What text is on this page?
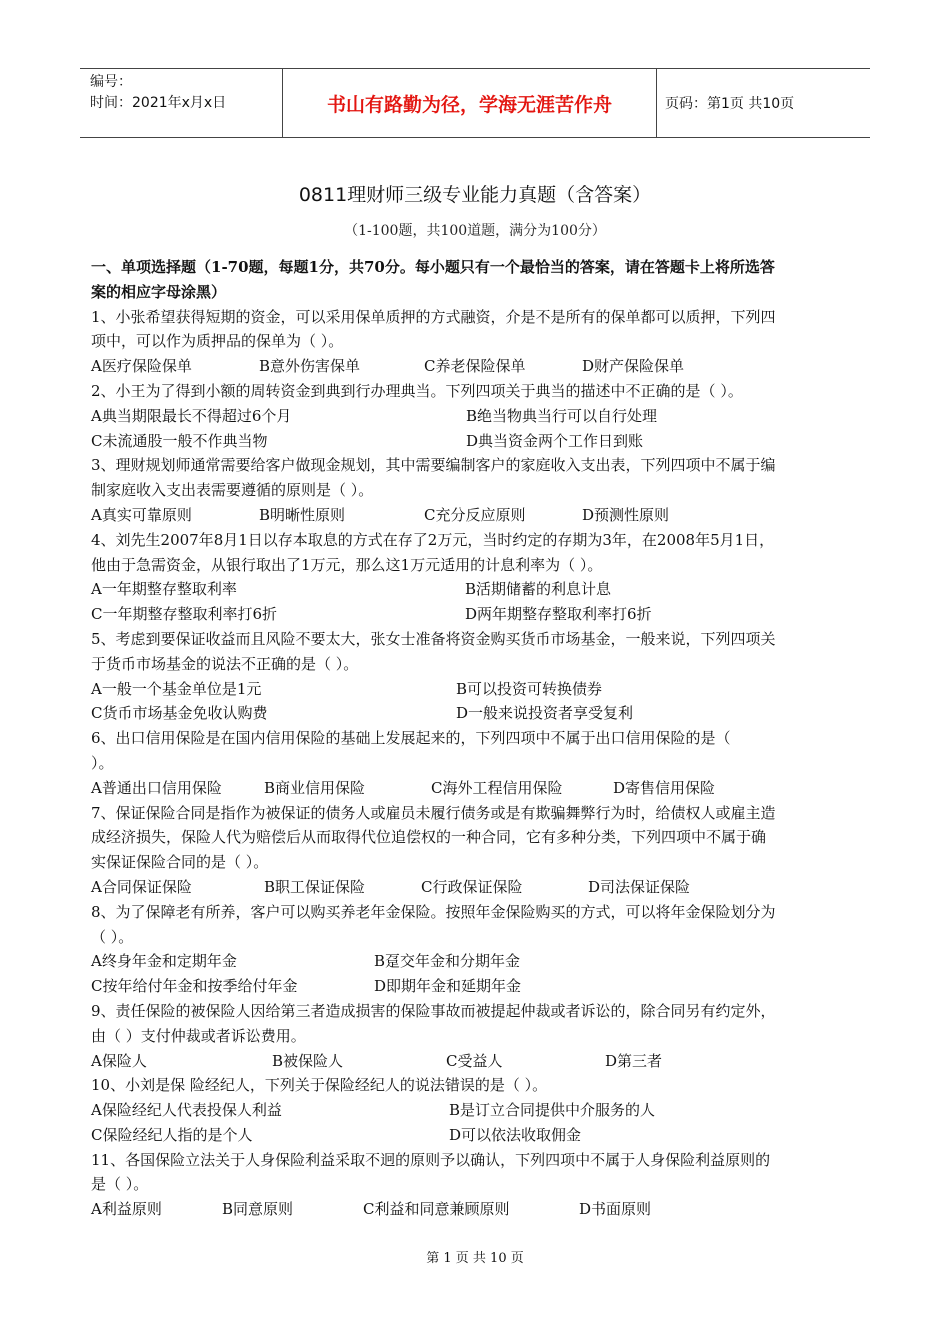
编号：
时间：2021年x月x日	书山有路勤为径，学海无涯苦作舟	页码：第1页 共10页
0811理财师三级专业能力真题（含答案）
（1-100题，共100道题，满分为100分）
一、单项选择题（1-70题，每题1分，共70分。每小题只有一个最恰当的答案，请在答题卡上将所选答
案的相应字母涂黑）
1、小张希望获得短期的资金，可以采用保单质押的方式融资，介是不是所有的保单都可以质押，下列四
项中，可以作为质押品的保单为（ ）。
A医疗保险保单	B意外伤害保单	C养老保险保单	D财产保险保单
2、小王为了得到小额的周转资金到典到行办理典当。下列四项关于典当的描述中不正确的是（ ）。
A典当期限最长不得超过6个月	B绝当物典当行可以自行处理
C未流通股一般不作典当物	D典当资金两个工作日到账
3、理财规划师通常需要给客户做现金规划，其中需要编制客户的家庭收入支出表，下列四项中不属于编
制家庭收入支出表需要遵循的原则是（ ）。
A真实可靠原则	B明晰性原则	C充分反应原则	D预测性原则
4、刘先生2007年8月1日以存本取息的方式在存了2万元，当时约定的存期为3年，在2008年5月1日，
他由于急需资金，从银行取出了1万元，那么这1万元适用的计息利率为（ ）。
A一年期整存整取利率	B活期储蓄的利息计息
C一年期整存整取利率打6折	D两年期整存整取利率打6折
5、考虑到要保证收益而且风险不要太大，张女士准备将资金购买货币市场基金，一般来说，下列四项关
于货币市场基金的说法不正确的是（ ）。
A一般一个基金单位是1元	B可以投资可转换债券
C货币市场基金免收认购费	D一般来说投资者享受复利
6、出口信用保险是在国内信用保险的基础上发展起来的，下列四项中不属于出口信用保险的是（
）。
A普通出口信用保险	B商业信用保险	C海外工程信用保险	D寄售信用保险
7、保证保险合同是指作为被保证的债务人或雇员未履行债务或是有欺骗舞弊行为时，给债权人或雇主造
成经济损失，保险人代为赔偿后从而取得代位追偿权的一种合同，它有多种分类，下列四项中不属于确
实保证保险合同的是（ ）。
A合同保证保险	B职工保证保险	C行政保证保险	D司法保证保险
8、为了保障老有所养，客户可以购买养老年金保险。按照年金保险购买的方式，可以将年金保险划分为
（ ）。
A终身年金和定期年金	B趸交年金和分期年金
C按年给付年金和按季给付年金	D即期年金和延期年金
9、责任保险的被保险人因给第三者造成损害的保险事故而被提起仲裁或者诉讼的，除合同另有约定外，
由（ ）支付仲裁或者诉讼费用。
A保险人	B被保险人	C受益人	D第三者
10、小刘是保 险经纪人，下列关于保险经纪人的说法错误的是（ ）。
A保险经纪人代表投保人利益	B是订立合同提供中介服务的人
C保险经纪人指的是个人	D可以依法收取佣金
11、各国保险立法关于人身保险利益采取不迥的原则予以确认，下列四项中不属于人身保险利益原则的
是（ ）。
A利益原则	B同意原则	C利益和同意兼顾原则	D书面原则
第 1 页 共 10 页
